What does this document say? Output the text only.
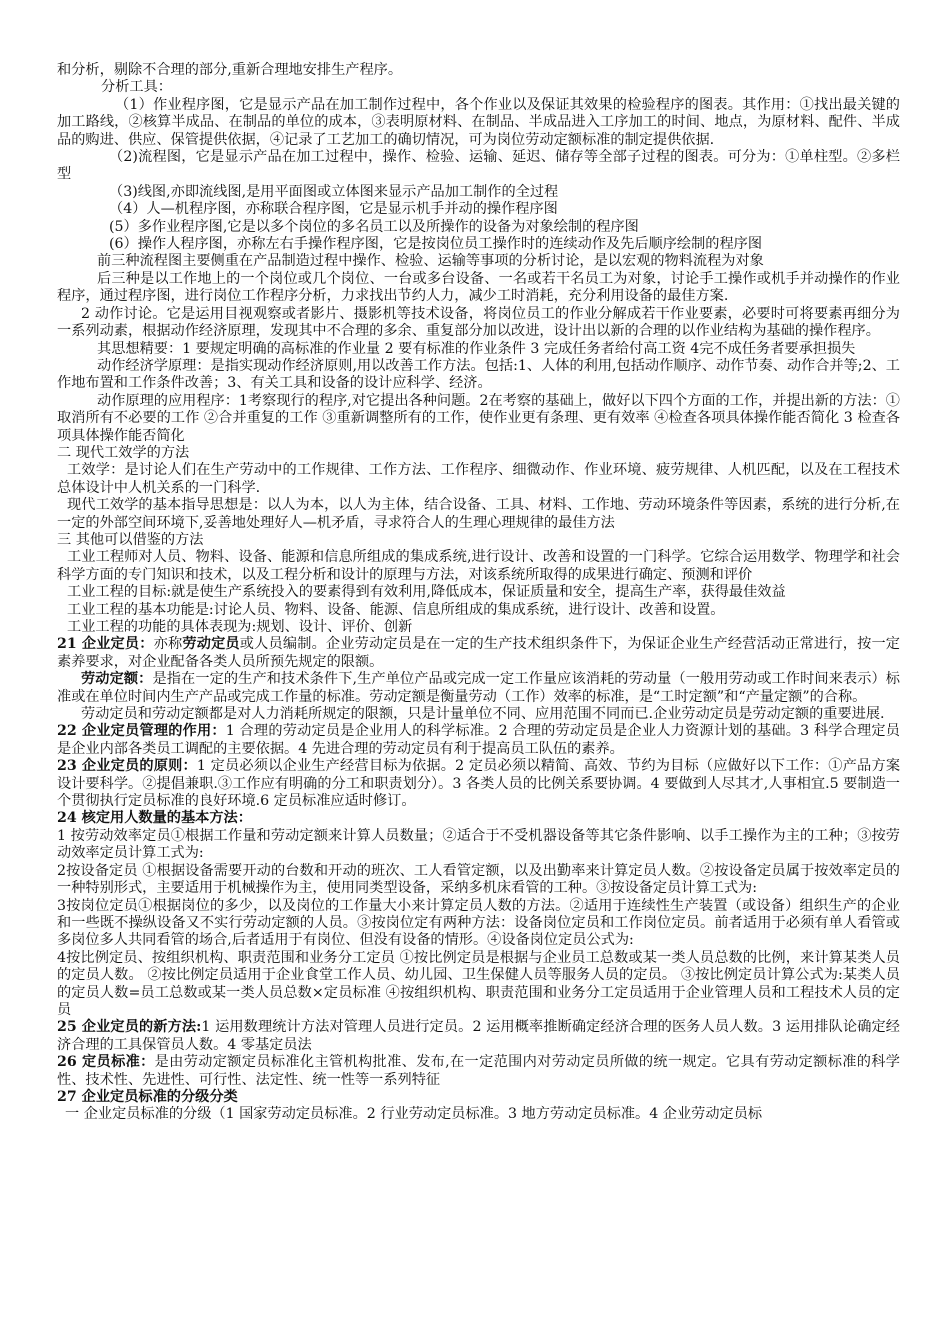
和分析，剔除不合理的部分,重新合理地安排生产程序。

分析工具：

（1）作业程序图，它是显示产品在加工制作过程中，各个作业以及保证其效果的检验程序的图表。其作用：①找出最关键的加工路线，②核算半成品、在制品的单位的成本，③表明原材料、在制品、半成品进入工序加工的时间、地点，为原材料、配件、半成品的购进、供应、保管提供依据，④记录了工艺加工的确切情况，可为岗位劳动定额标准的制定提供依据.

（2)流程图，它是显示产品在加工过程中，操作、检验、运输、延迟、储存等全部子过程的图表。可分为：①单柱型。②多栏型

（3)线图,亦即流线图,是用平面图或立体图来显示产品加工制作的全过程

（4）人—机程序图，亦称联合程序图，它是显示机手并动的操作程序图

(5）多作业程序图,它是以多个岗位的多名员工以及所操作的设备为对象绘制的程序图

(6）操作人程序图，亦称左右手操作程序图，它是按岗位员工操作时的连续动作及先后顺序绘制的程序图

前三种流程图主要侧重在产品制造过程中操作、检验、运输等事项的分析讨论，是以宏观的物料流程为对象

后三种是以工作地上的一个岗位或几个岗位、一台或多台设备、一名或若干名员工为对象，讨论手工操作或机手并动操作的作业程序，通过程序图，进行岗位工作程序分析，力求找出节约人力，减少工时消耗，充分利用设备的最佳方案.

2 动作讨论。它是运用目视观察或者影片、摄影机等技术设备，将岗位员工的作业分解成若干作业要素，必要时可将要素再细分为一系列动素，根据动作经济原理，发现其中不合理的多余、重复部分加以改进，设计出以新的合理的以作业结构为基础的操作程序。

其思想精要：1 要规定明确的高标准的作业量 2 要有标准的作业条件 3 完成任务者给付高工资 4完不成任务者要承担损失

动作经济学原理：是指实现动作经济原则,用以改善工作方法。包括:1、人体的利用,包括动作顺序、动作节奏、动作合并等;2、工作地布置和工作条件改善；3、有关工具和设备的设计应科学、经济。

动作原理的应用程序：1考察现行的程序,对它提出各种问题。2在考察的基础上，做好以下四个方面的工作，并提出新的方法：①取消所有不必要的工作 ②合并重复的工作 ③重新调整所有的工作，使作业更有条理、更有效率 ④检查各项具体操作能否简化 3 检查各项具体操作能否简化

二 现代工效学的方法

工效学：是讨论人们在生产劳动中的工作规律、工作方法、工作程序、细微动作、作业环境、疲劳规律、人机匹配，以及在工程技术总体设计中人机关系的一门科学.

现代工效学的基本指导思想是：以人为本，以人为主体，结合设备、工具、材料、工作地、劳动环境条件等因素，系统的进行分析,在一定的外部空间环境下,妥善地处理好人—机矛盾，寻求符合人的生理心理规律的最佳方法

三 其他可以借鉴的方法

工业工程师对人员、物料、设备、能源和信息所组成的集成系统,进行设计、改善和设置的一门科学。它综合运用数学、物理学和社会科学方面的专门知识和技术，以及工程分析和设计的原理与方法，对该系统所取得的成果进行确定、预测和评价

工业工程的目标:就是使生产系统投入的要素得到有效利用,降低成本，保证质量和安全，提高生产率，获得最佳效益

工业工程的基本功能是:讨论人员、物料、设备、能源、信息所组成的集成系统，进行设计、改善和设置。

工业工程的功能的具体表现为:规划、设计、评价、创新

21 企业定员：亦称劳动定员或人员编制。企业劳动定员是在一定的生产技术组织条件下，为保证企业生产经营活动正常进行，按一定素养要求，对企业配备各类人员所预先规定的限额。

劳动定额：是指在一定的生产和技术条件下,生产单位产品或完成一定工作量应该消耗的劳动量（一般用劳动或工作时间来表示）标准或在单位时间内生产产品或完成工作量的标准。劳动定额是衡量劳动（工作）效率的标准，是“工时定额”和“产量定额”的合称。

劳动定员和劳动定额都是对人力消耗所规定的限额，只是计量单位不同、应用范围不同而已.企业劳动定员是劳动定额的重要进展.

22 企业定员管理的作用：1 合理的劳动定员是企业用人的科学标准。2 合理的劳动定员是企业人力资源计划的基础。3 科学合理定员是企业内部各类员工调配的主要依据。4 先进合理的劳动定员有利于提高员工队伍的素养。

23 企业定员的原则：1 定员必须以企业生产经营目标为依据。2 定员必须以精简、高效、节约为目标（应做好以下工作：①产品方案设计要科学。②提倡兼职.③工作应有明确的分工和职责划分）。3 各类人员的比例关系要协调。4 要做到人尽其才,人事相宜.5 要制造一个贯彻执行定员标准的良好环境.6 定员标准应适时修订。

24 核定用人数量的基本方法：

1 按劳动效率定员①根据工作量和劳动定额来计算人员数量；②适合于不受机器设备等其它条件影响、以手工操作为主的工种；③按劳动效率定员计算工式为:

2按设备定员 ①根据设备需要开动的台数和开动的班次、工人看管定额，以及出勤率来计算定员人数。②按设备定员属于按效率定员的一种特别形式，主要适用于机械操作为主，使用同类型设备，采纳多机床看管的工种。③按设备定员计算工式为:

3按岗位定员①根据岗位的多少，以及岗位的工作量大小来计算定员人数的方法。②适用于连续性生产装置（或设备）组织生产的企业和一些既不操纵设备又不实行劳动定额的人员。③按岗位定有两种方法：设备岗位定员和工作岗位定员。前者适用于必须有单人看管或多岗位多人共同看管的场合,后者适用于有岗位、但没有设备的情形。④设备岗位定员公式为:

4按比例定员、按组织机构、职责范围和业务分工定员 ①按比例定员是根据与企业员工总数或某一类人员总数的比例，来计算某类人员的定员人数。 ②按比例定员适用于企业食堂工作人员、幼儿园、卫生保健人员等服务人员的定员。 ③按比例定员计算公式为:某类人员的定员人数=员工总数或某一类人员总数×定员标准 ④按组织机构、职责范围和业务分工定员适用于企业管理人员和工程技术人员的定员

25 企业定员的新方法:1 运用数理统计方法对管理人员进行定员。2 运用概率推断确定经济合理的医务人员人数。3 运用排队论确定经济合理的工具保管员人数。4 零基定员法

26 定员标准：是由劳动定额定员标准化主管机构批准、发布,在一定范围内对劳动定员所做的统一规定。它具有劳动定额标准的科学性、技术性、先进性、可行性、法定性、统一性等一系列特征

27 企业定员标准的分级分类

一 企业定员标准的分级（1 国家劳动定员标准。2 行业劳动定员标准。3 地方劳动定员标准。4 企业劳动定员标
